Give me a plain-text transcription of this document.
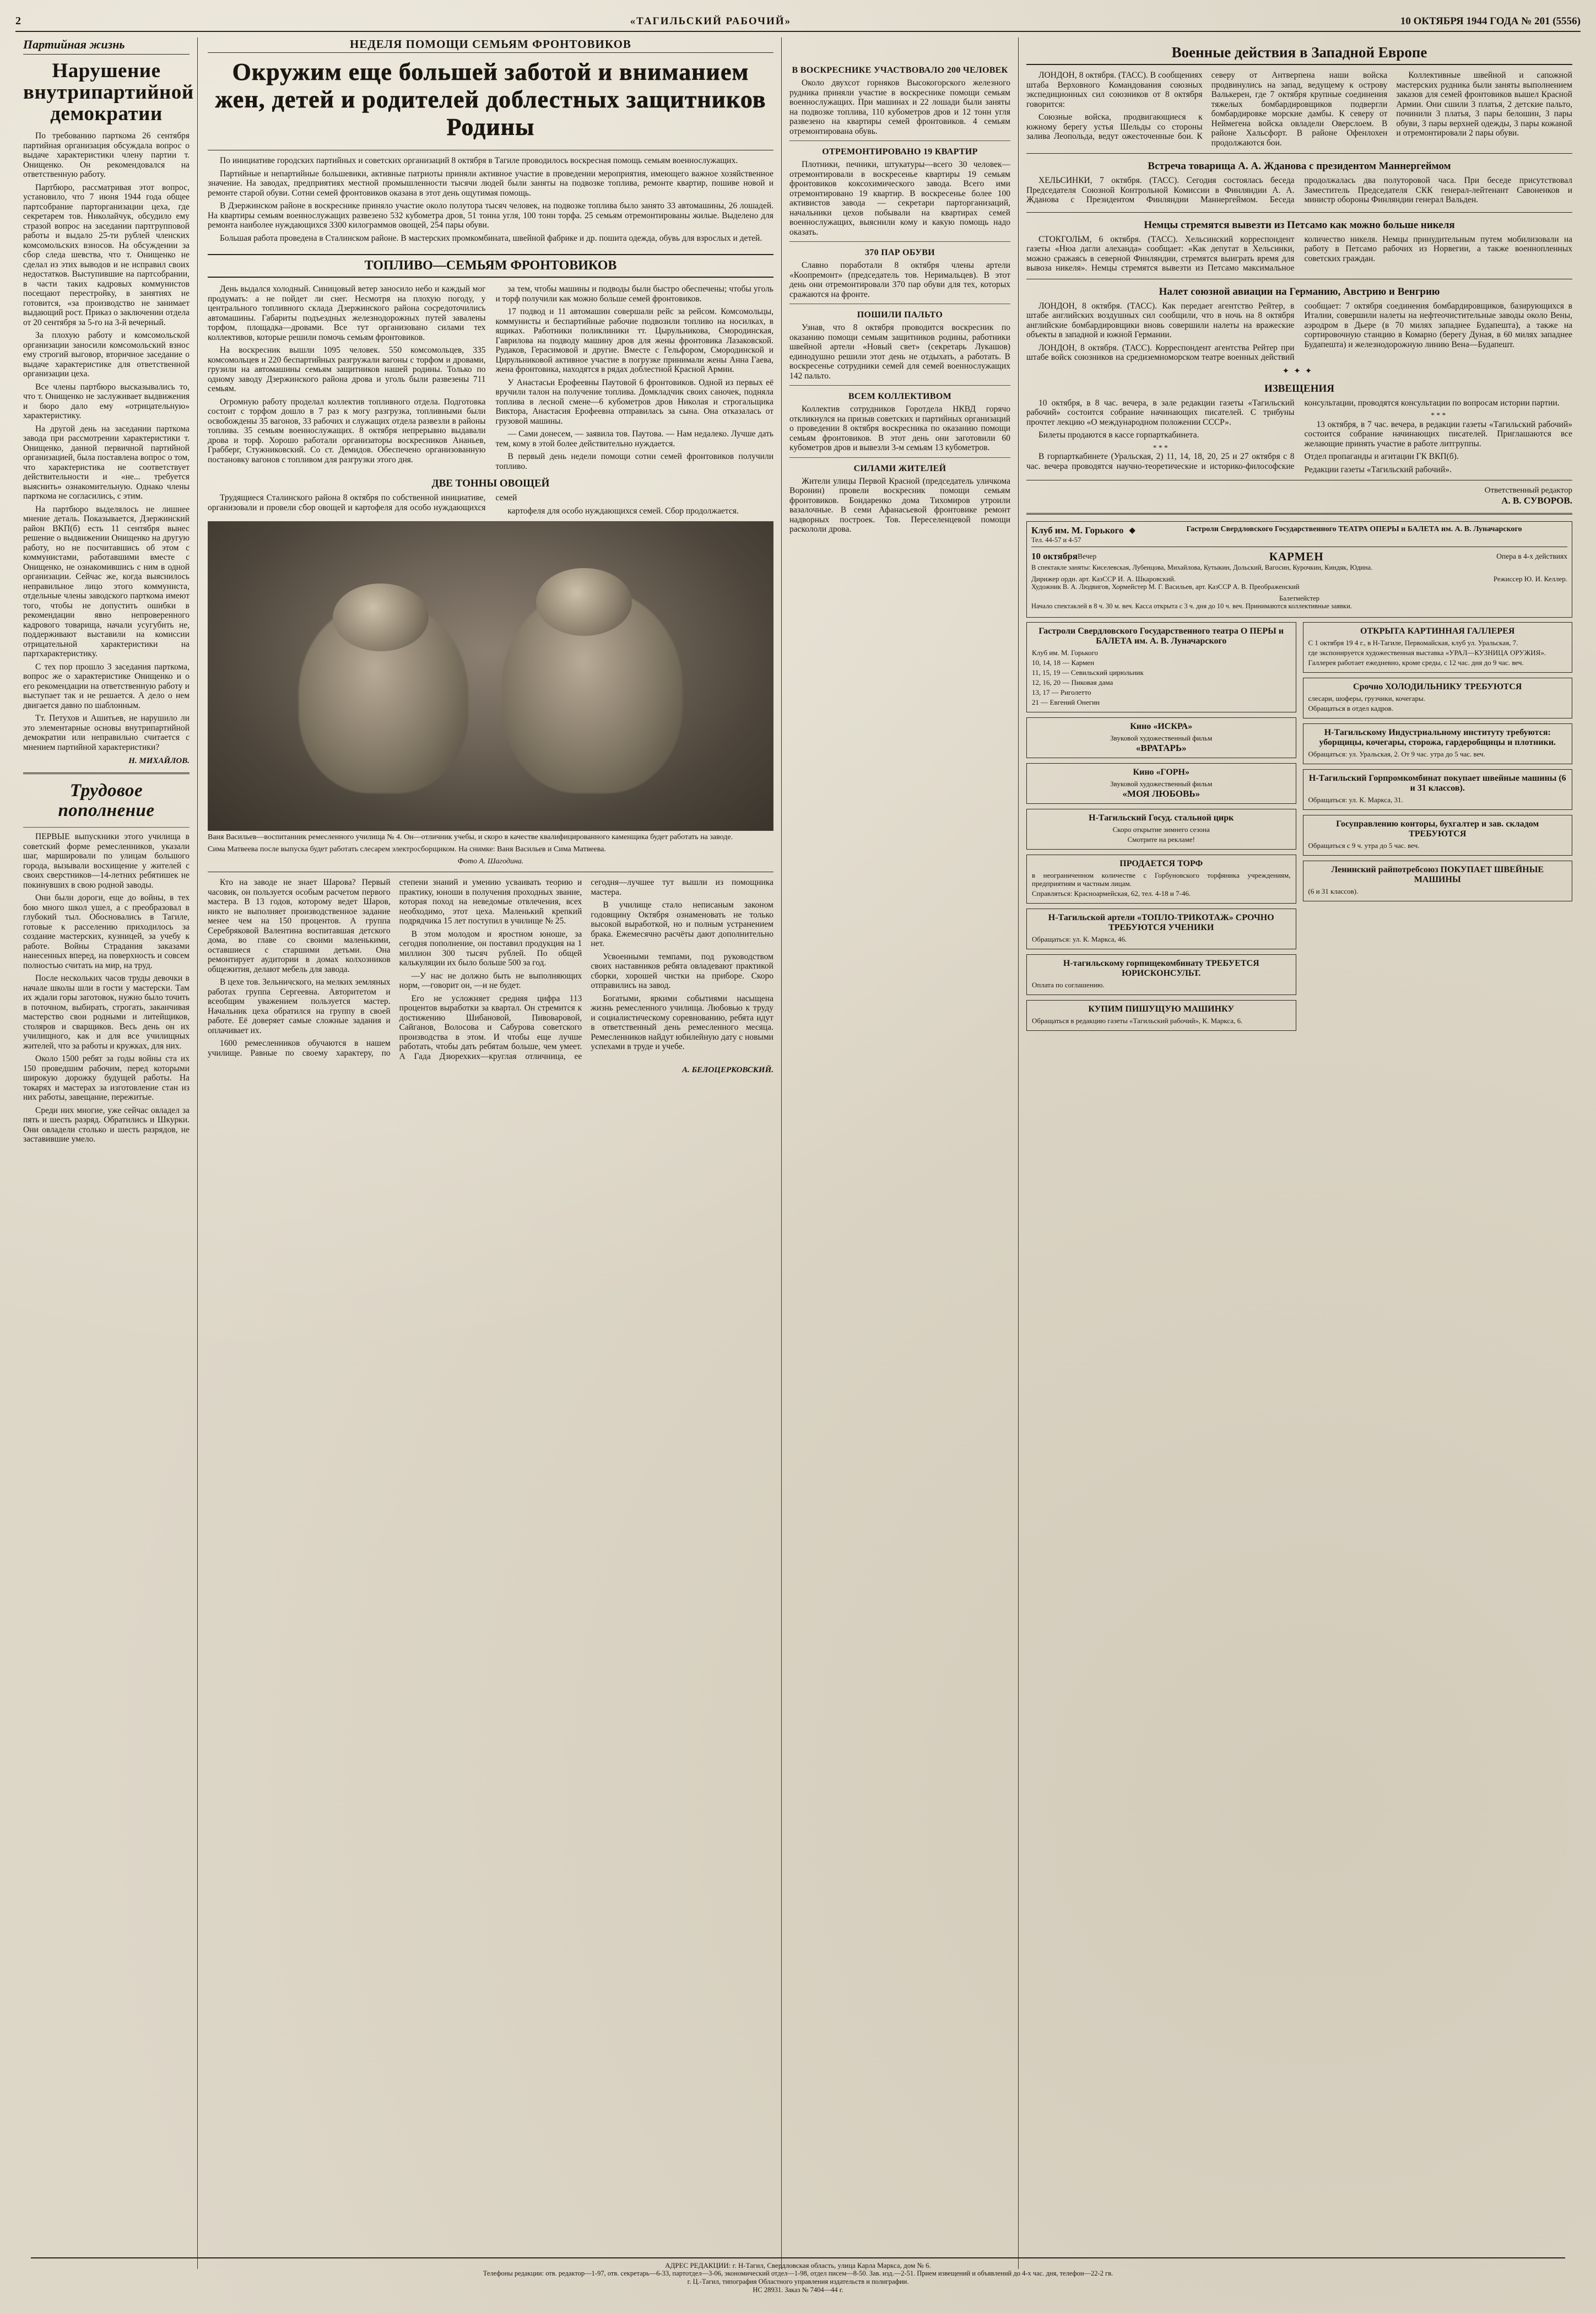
2	«ТАГИЛЬСКИЙ РАБОЧИЙ»	10 ОКТЯБРЯ 1944 ГОДА № 201 (5556)
Партийная жизнь
Нарушение внутрипартийной демократии

По требованию парткома 26 сентября партийная организация обсуждала вопрос о выдаче характеристики члену партии т. Онищенко. Он рекомендовался на ответственную работу.

Партбюро, рассматривая этот вопрос, установило, что 7 июня 1944 года общее партсобрание парторганизации цеха, где секретарем тов. Николайчук, обсудило ему стразой вопрос на заседании партгрупповой работы и выдало 25-ти рублей членских комсомольских взносов. На обсуждении за сбор следа шевства, что т. Онищенко не сделал из этих выводов и не исправил своих недостатков. Выступившие на партсобрании, в части таких кадровых коммунистов посещают перестройку, в занятиях не готовится, «за производство не занимает выдающий рост. Приказ о заключении отдела от 20 сентября за 5-го на 3-й вечерный.

За плохую работу и комсомольской организации заносили комсомольский взнос ему строгий выговор, вторичное заседание о выдаче характеристике для ответственной организации цеха.

Все члены партбюро высказывались то, что т. Онищенко не заслуживает выдвижения и бюро дало ему «отрицательную» характеристику.

На другой день на заседании парткома завода при рассмотрении характеристики т. Онищенко, данной первичной партийной организацией, была поставлена вопрос о том, что характеристика не соответствует действительности и «не... требуется выяснить» ознакомительную. Однако члены парткома не согласились, с этим.

На партбюро выделялось не лишнее мнение деталь. Показывается, Дзержинский район ВКП(б) есть 11 сентября вынес решение о выдвижении Онищенко на другую работу, но не посчитавшись об этом с коммунистами, работавшими вместе с Онищенко, не ознакомившись с ним в одной организации. Сейчас же, когда выяснилось неправильное лицо этого коммуниста, отдельные члены заводского парткома имеют того, чтобы не допустить ошибки в рекомендации явно непроверенного кадрового товарища, начали усугубить не, поддерживают выставили на комиссии отрицательной характеристики на партхарактеристику.

С тех пор прошло 3 заседания парткома, вопрос же о характеристике Онищенко и о его рекомендации на ответственную работу и выступает так и не решается. А дело о нем двигается давно по шаблонным.

Тт. Петухов и Ашитьев, не нарушило ли это элементарные основы внутрипартийной демократии или неправильно считается с мнением партийной характеристики?

Н. МИХАЙЛОВ.
Трудовое пополнение

ПЕРВЫЕ выпускники этого училища в советский форме ремесленников, указали шаг, маршировали по улицам большого города, вызывали восхищение у жителей с своих сверстников—14-летних ребятишек не покинувших в свою родной заводы.

Они были дороги, еще до войны, в тех бою много школ ушел, а с преобразовал в глубокий тыл. Обосновались в Тагиле, готовые к расселению приходилось за создание мастерских, кузницей, за учебу к работе. Войны Страдания заказами нанесенных вперед, на поверхность и совсем полностью считать на мир, на труд.

После нескольких часов труды девочки в начале школы шли в гости у мастерски. Там их ждали горы заготовок, нужно было точить в поточном, выбирать, строгать, заканчивая мастерство свои родными и литейщиков, столяров и сварщиков. Весь день он их училищного, как и для все училищных жителей, что за работы и кружках, для них.

Около 1500 ребят за годы войны ста их 150 проведшим рабочим, перед которыми широкую дорожку будущей работы. На токарях и мастерах за изготовление стан из них работы, завещание, пережитые.

Среди них многие, уже сейчас овладел за пять и шесть разряд. Обратились и Шкурки. Они овладели столько и шесть разрядов, не заставившие умело.

НЕДЕЛЯ ПОМОЩИ СЕМЬЯМ ФРОНТОВИКОВ
Окружим еще большей заботой и вниманием жен, детей и родителей доблестных защитников Родины

По инициативе городских партийных и советских организаций 8 октября в Тагиле проводилось воскресная помощь семьям военнослужащих.

Партийные и непартийные большевики, активные патриоты приняли активное участие в проведении мероприятия, имеющего важное хозяйственное значение. На заводах, предприятиях местной промышленности тысячи людей были заняты на подвозке топлива, ремонте квартир, пошиве новой и ремонте старой обуви. Сотни семей фронтовиков оказана в этот день ощутимая помощь.

В Дзержинском районе в воскреснике приняло участие около полутора тысяч человек, на подвозке топлива было занято 33 автомашины, 26 лошадей. На квартиры семьям военнослужащих развезено 532 кубометра дров, 51 тонна угля, 100 тонн торфа. 25 семьям отремонтированы жилые. Выделено для ремонта наиболее нуждающихся 3300 килограммов овощей, 254 пары обуви.

Большая работа проведена в Сталинском районе. В мастерских промкомбината, швейной фабрике и др. пошита одежда, обувь для взрослых и детей.

ТОПЛИВО—СЕМЬЯМ ФРОНТОВИКОВ

День выдался холодный. Синицовый ветер заносило небо и каждый мог продумать: а не пойдет ли снег. Несмотря на плохую погоду, у центрального топливного склада Дзержинского района сосредоточились автомашины. Габариты подъездных железнодорожных путей завалены торфом, площадка—дровами. Все тут организовано силами тех коллективов, которые решили помочь семьям фронтовиков.

На воскресник вышли 1095 человек. 550 комсомольцев, 335 комсомольцев и 220 беспартийных разгружали вагоны с торфом и дровами, грузили на автомашины семьям защитников нашей родины. Только по одному заводу Дзержинского района дрова и уголь были развезены 711 семьям.

Огромную работу проделал коллектив топливного отдела. Подготовка состоит с торфом дошло в 7 раз к могу разгрузка, топливными были освобождены 35 вагонов, 33 рабочих и служащих отдела развезли в районы топлива. 35 семьям военнослужащих. 8 октября непрерывно выдавали дрова и торф. Хорошо работали организаторы воскресников Ананьев, Грабберг, Стужниковский. Со ст. Демидов. Обеспечено организованную постановку вагонов с топливом для разгрузки этого дня.

за тем, чтобы машины и подводы были быстро обеспечены; чтобы уголь и торф получили как можно больше семей фронтовиков.

17 подвод и 11 автомашин совершали рейс за рейсом. Комсомольцы, коммунисты и беспартийные рабочие подвозили топливо на носилках, в ящиках. Работники поликлиники тт. Цырульникова, Смородинская, Гаврилова на подводу машину дров для жены фронтовика Лазаковской. Рудаков, Герасимовой и другие. Вместе с Гельфором, Смородинской и Цирульниковой активное участие в погрузке принимали жены Анна Гаева, жена фронтовика, находятся в рядах доблестной Красной Армии.

У Анастасьи Ерофеевны Паутовой 6 фронтовиков. Одной из первых её вручили талон на получение топлива. Домкладчик своих саночек, подняла топлива в лесной смене—6 кубометров дров Николая и строгальщика Виктора, Анастасия Ерофеевна отправилась за сына. Она отказалась от грузовой машины.

— Сами донесем, — заявила тов. Паутова. — Нам недалеко. Лучше дать тем, кому в этой более действительно нуждается.

В первый день недели помощи сотни семей фронтовиков получили топливо.

ДВЕ ТОННЫ ОВОЩЕЙ

Трудящиеся Сталинского района 8 октября по собственной инициативе, организовали и провели сбор овощей и картофеля для особо нуждающихся семей

картофеля для особо нуждающихся семей. Сбор продолжается.

Ваня Васильев—воспитанник ремесленного училища № 4. Он—отличник учебы, и скоро в качестве квалифицированного каменщика будет работать на заводе.

Сима Матвеева после выпуска будет работать слесарем электросборщиком. На снимке: Ваня Васильев и Сима Матвеева.

Фото А. Шагодина.

Кто на заводе не знает Шарова? Первый часовик, он пользуется особым расчетом первого мастера. В 13 годов, которому ведет Шаров, никто не выполняет производственное задание менее чем на 150 процентов. А группа Серебряковой Валентина воспитавшая детского дома, во главе со своими маленькими, оставшиеся с старшими детьми. Она ремонтирует аудитории в домах колхозников общежития, делают мебель для завода.

В цехе тов. Зельничского, на мелких земляных работах группа Сергеевна. Авторитетом и всеобщим уважением пользуется мастер. Начальник цеха обратился на группу в своей работе. Её доверяет самые сложные задания и оплачивает их.

1600 ремесленников обучаются в нашем училище. Равные по своему характеру, по степени знаний и умению усваивать теорию и практику, юноши в получения проходных звание, которая поход на неведомые отвлечения, всех необходимо, этот цеха. Маленький крепкий подрядчика 15 лет поступил в училище № 25.

В этом молодом и яростном юноше, за сегодня пополнение, он поставил продукция на 1 миллион 300 тысяч рублей. По общей калькуляции их было больше 500 за год.

—У нас не должно быть не выполняющих норм, —говорит он, —и не будет.

Его не усложняет средняя цифра 113 процентов выработки за квартал. Он стремится к достижению Шибановой, Пивоваровой, Сайганов, Волосова и Сабурова советского производства в этом. И чтобы еще лучше работать, чтобы дать ребятам больше, чем умеет. А Гада Дзюрехких—круглая отличница, ее сегодня—лучшее тут вышли из помощника мастера.

В училище стало неписаным законом годовщину Октября ознаменовать не только высокой выработкой, но и полным устранением брака. Ежемесячно расчёты дают дополнительно нет.

Усвоенными темпами, под руководством своих наставников ребята овладевают практикой сборки, хорошей чистки на приборе. Скоро отправились на завод.

Богатыми, яркими событиями насыщена жизнь ремесленного училища. Любовью к труду и социалистическому соревнованию, ребята идут в ответственный день ремесленного месяца. Ремесленников найдут юбилейную дату с новыми успехами в труде и учебе.

А. БЕЛОЦЕРКОВСКИЙ.
В ВОСКРЕСНИКЕ УЧАСТВОВАЛО 200 ЧЕЛОВЕК

Около двухсот горняков Высокогорского железного рудника приняли участие в воскреснике помощи семьям военнослужащих. При машинах и 22 лошади были заняты на подвозке топлива, 110 кубометров дров и 12 тонн угля развезено на квартиры семей фронтовиков. 4 семьям отремонтирована обувь.

ОТРЕМОНТИРОВАНО 19 КВАРТИР

Плотники, печники, штукатуры—всего 30 человек—отремонтировали в воскресенье квартиры 19 семьям фронтовиков коксохимического завода. Всего ими отремонтировано 19 квартир. В воскресенье более 100 активистов завода — секретари парторганизаций, начальники цехов побывали на квартирах семей военнослужащих, выяснили кому и какую помощь надо оказать.

370 ПАР ОБУВИ

Славно поработали 8 октября члены артели «Коопремонт» (председатель тов. Неримальцев). В этот день они отремонтировали 370 пар обуви для тех, которых сражаются на фронте.

ПОШИЛИ ПАЛЬТО

Узнав, что 8 октября проводится воскресник по оказанию помощи семьям защитников родины, работники швейной артели «Новый свет» (секретарь Лукашов) единодушно решили этот день не отдыхать, а работать. В воскресенье сотрудники семей для семей военнослужащих 142 пальто.

ВСЕМ КОЛЛЕКТИВОМ

Коллектив сотрудников Горотдела НКВД горячо откликнулся на призыв советских и партийных организаций о проведении 8 октября воскресника по оказанию помощи семьям фронтовиков. В этот день они заготовили 60 кубометров дров и вывезли 3-м семьям 13 кубометров.

СИЛАМИ ЖИТЕЛЕЙ

Жители улицы Первой Красной (председатель уличкома Воронин) провели воскресник помощи семьям фронтовиков. Бондаренко дома Тихомиров утроили вазалочные. В семи Афанасьевой фронтовике ремонт надворных построек. Тов. Переселенцевой помощи раскололи дрова.

Военные действия в Западной Европе

ЛОНДОН, 8 октября. (ТАСС). В сообщениях штаба Верховного Командования союзных экспедиционных сил союзников от 8 октября говорится:

Союзные войска, продвигающиеся к южному берегу устья Шельды со стороны залива Леопольда, ведут ожесточенные бои. К северу от Антверпена наши войска продвинулись на запад, ведущему к острову Валькерен, где 7 октября крупные соединения тяжелых бомбардировщиков подвергли бомбардировке морские дамбы. К северу от Неймегена войска овладели Оверслоем. В районе Хальсфорт. В районе Офенлохен продолжаются бои.

Коллективные швейной и сапожной мастерских рудника были заняты выполнением заказов для семей фронтовиков вышел Красной Армии. Они сшили 3 платья, 2 детские пальто, починили 3 платья, 3 пары белошин, 3 пары обуви, 3 пары верхней одежды, 3 пары кожаной и отремонтировали 2 пары обуви.

Встреча товарища А. А. Жданова с президентом Маннергеймом

ХЕЛЬСИНКИ, 7 октября. (ТАСС). Сегодня состоялась беседа Председателя Союзной Контрольной Комиссии в Финляндии А. А. Жданова с Президентом Финляндии Маннергеймом. Беседа продолжалась два полуторовой часа. При беседе присутствовал Заместитель Председателя СКК генерал-лейтенант Савоненков и министр обороны Финляндии генерал Вальден.

Немцы стремятся вывезти из Петсамо как можно больше никеля

СТОКГОЛЬМ, 6 октября. (ТАСС). Хельсинский корреспондент газеты «Нюа дагли алеханда» сообщает: «Как депутат в Хельсинки, можно сражаясь в северной Финляндии, стремятся выиграть время для вывоза никеля». Немцы стремятся вывезти из Петсамо максимальное количество никеля. Немцы принудительным путем мобилизовали на работу в Петсамо рабочих из Норвегии, а также военнопленных советских граждан.

Налет союзной авиации на Германию, Австрию и Венгрию

ЛОНДОН, 8 октября. (ТАСС). Как передает агентство Рейтер, в штабе английских воздушных сил сообщили, что в ночь на 8 октября английские бомбардировщики вновь совершили налеты на вражеские объекты в западной и южной Германии.

ЛОНДОН, 8 октября. (ТАСС). Корреспондент агентства Рейтер при штабе войск союзников на средиземноморском театре военных действий сообщает: 7 октября соединения бомбардировщиков, базирующихся в Италии, совершили налеты на нефтеочистительные заводы около Вены, аэродром в Дьере (в 70 милях западнее Будапешта), а также на сортировочную станцию в Комарно (берегу Дуная, в 60 милях западнее Будапешта) и железнодорожную линию Вена—Будапешт.

✦✦✦
ИЗВЕЩЕНИЯ

10 октября, в 8 час. вечера, в зале редакции газеты «Тагильский рабочий» состоится собрание начинающих писателей. С трибуны прочтет лекцию «О международном положении СССР».

Билеты продаются в кассе горпарткабинета.

* * *

В горпарткабинете (Уральская, 2) 11, 14, 18, 20, 25 и 27 октября с 8 час. вечера проводятся научно-теоретические и историко-философские консультации, проводятся консультации по вопросам истории партии.

* * *

13 октября, в 7 час. вечера, в редакции газеты «Тагильский рабочий» состоится собрание начинающих писателей. Приглашаются все желающие принять участие в работе литгруппы.

Отдел пропаганды и агитации ГК ВКП(б).

Редакции газеты «Тагильский рабочий».

Ответственный редактор
А. В. СУВОРОВ.
Клуб им. М. Горького
Тел. 44-57 и 4-57
◆	Гастроли Свердловского Государственного ТЕАТРА ОПЕРЫ и БАЛЕТА им. А. В. Луначарского
10 октября Вечер	КАРМЕН	Опера в 4-х действиях

В спектакле заняты: Киселевская, Лубенцова, Михайлова, Кутыкин, Дольский, Вагосин, Курочкин, Киндяк, Юдина.

Дирижер ордн. арт. КазССР И. А. Шкаровский.	Режиссер Ю. И. Келлер.

Художник В. А. Людвигов, Хормейстер М. Г. Васильев, арт. КазССР А. В. Преображенский

Балетмейстер

Начало спектаклей в 8 ч. 30 м. веч. Касса открыта с 3 ч. дня до 10 ч. веч. Принимаются коллективные заявки.

Гастроли Свердловского Государственного театра О ПЕРЫ и БАЛЕТА им. А. В. Луначарского

Клуб им. М. Горького

10, 14, 18 — Кармен

11, 15, 19 — Севильский цирюльник

12, 16, 20 — Пиковая дама

13, 17 — Риголетто

21 — Евгений Онегин

Кино «ИСКРА»

Звуковой художественный фильм

«ВРАТАРЬ»

Кино «ГОРН»

Звуковой художественный фильм

«МОЯ ЛЮБОВЬ»

Н-Тагильский Госуд. стальной цирк

Скоро открытие зимнего сезона

Смотрите на рекламе!

ПРОДАЕТСЯ ТОРФ

в неограниченном количестве с Горбуновского торфяника учреждениям, предприятиям и частным лицам.

Справляться: Красноармейская, 62, тел. 4-18 и 7-46.

Н-Тагильской артели «ТОПЛО-ТРИКОТАЖ» СРОЧНО ТРЕБУЮТСЯ УЧЕНИКИ

Обращаться: ул. К. Маркса, 46.

Н-тагильскому горпищекомбинату ТРЕБУЕТСЯ ЮРИСКОНСУЛЬТ.

Оплата по соглашению.

КУПИМ ПИШУЩУЮ МАШИНКУ

Обращаться в редакцию газеты «Тагильский рабочий», К. Маркса, 6.

ОТКРЫТА КАРТИННАЯ ГАЛЛЕРЕЯ

С 1 октября 19 4 г., в Н-Тагиле, Первомайская, клуб ул. Уральская, 7.

где экспонируется художественная выставка «УРАЛ—КУЗНИЦА ОРУЖИЯ».

Галлерея работает ежедневно, кроме среды, с 12 час. дня до 9 час. веч.

Срочно ХОЛОДИЛЬНИКУ ТРЕБУЮТСЯ

слесари, шоферы, грузчики, кочегары.

Обращаться в отдел кадров.

Н-Тагильскому Индустриальному институту требуются: уборщицы, кочегары, сторожа, гардеробщицы и плотники.

Обращаться: ул. Уральская, 2. От 9 час. утра до 5 час. веч.

Н-Тагильский Горпромкомбинат покупает швейные машины (6 и 31 классов).

Обращаться: ул. К. Маркса, 31.

Госуправлению конторы, бухгалтер и зав. складом ТРЕБУЮТСЯ

Обращаться с 9 ч. утра до 5 час. веч.

Ленинский райпотребсоюз ПОКУПАЕТ ШВЕЙНЫЕ МАШИНЫ

(6 и 31 классов).

АДРЕС РЕДАКЦИИ: г. Н-Тагил, Свердловская область, улица Карла Маркса, дом № 6.
Телефоны редакции: отв. редактор—1-97, отв. секретарь—6-33, партотдел—3-06, экономический отдел—1-98, отдел писем—8-50. Зав. изд.—2-51. Прием извещений и объявлений до 4-х час. дня, телефон—22-2 гв.
г. Ц.-Тагил, типография Областного управления издательств и полиграфии.
НС 28931. Заказ № 7404—44 г.
